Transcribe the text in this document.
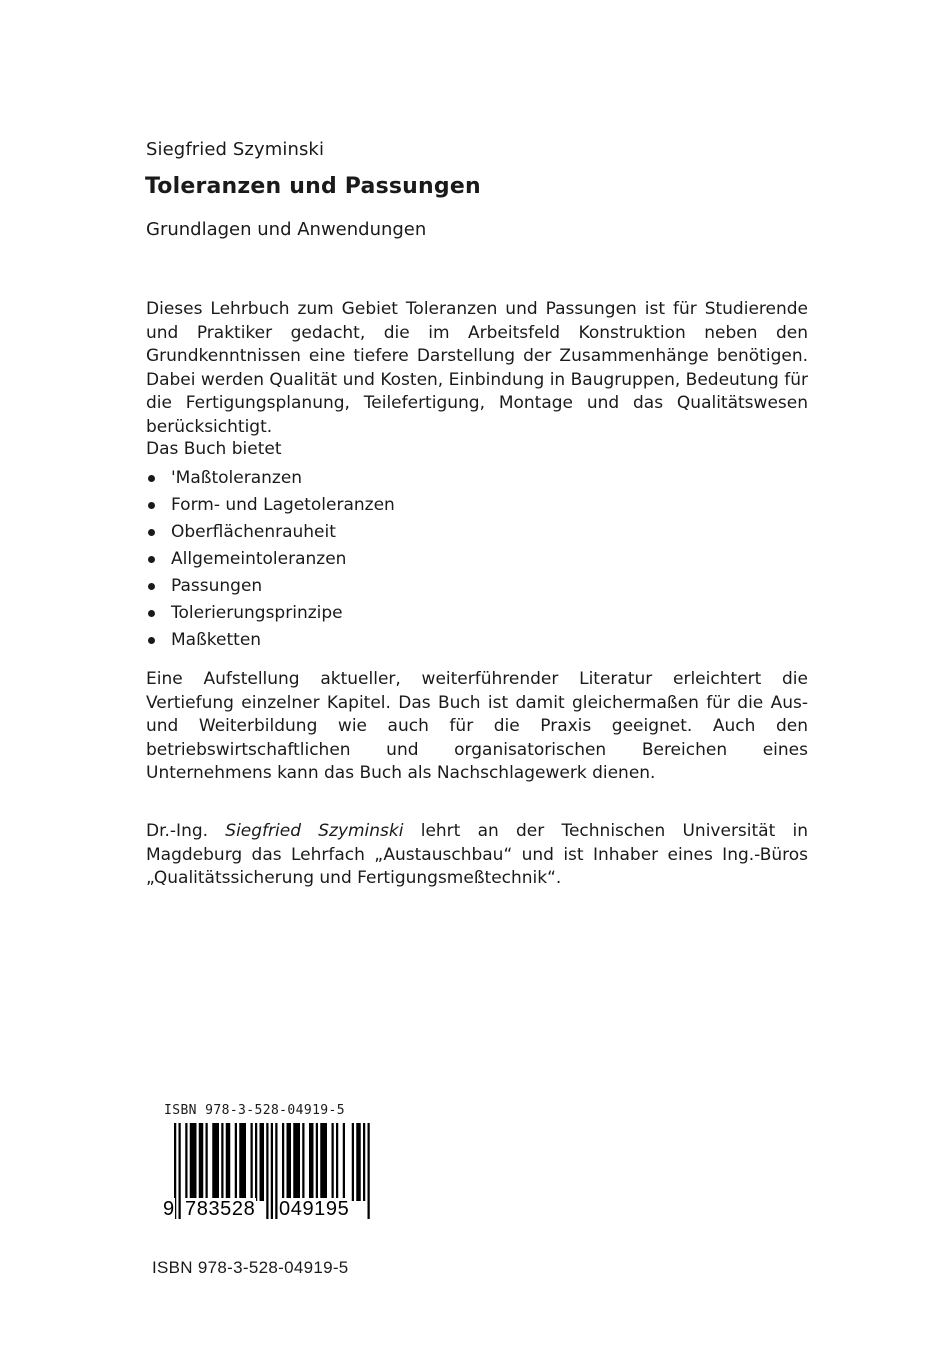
Siegfried Szyminski
Toleranzen und Passungen
Grundlagen und Anwendungen

Dieses Lehrbuch zum Gebiet Toleranzen und Passungen ist für Studierende und Praktiker gedacht, die im Arbeitsfeld Konstruktion neben den Grundkenntnissen eine tiefere Darstellung der Zusammenhänge benötigen. Dabei werden Qualität und Kosten, Einbindung in Baugruppen, Bedeutung für die Fertigungsplanung, Teilefertigung, Montage und das Qualitätswesen berücksichtigt.

Das Buch bietet

'Maßtoleranzen
Form- und Lagetoleranzen
Oberflächenrauheit
Allgemeintoleranzen
Passungen
Tolerierungsprinzipe
Maßketten

Eine Aufstellung aktueller, weiterführender Literatur erleichtert die Vertiefung einzelner Kapitel. Das Buch ist damit gleichermaßen für die Aus- und Weiterbildung wie auch für die Praxis geeignet. Auch den betriebswirtschaftlichen und organisatorischen Bereichen eines Unternehmens kann das Buch als Nachschlagewerk dienen.

Dr.-Ing. Siegfried Szyminski lehrt an der Technischen Universität in Magdeburg das Lehrfach „Austauschbau“ und ist Inhaber eines Ing.-Büros „Qualitätssicherung und Fertigungsmeßtechnik“.

ISBN 978-3-528-04919-5
9 783528 049195
ISBN 978-3-528-04919-5
